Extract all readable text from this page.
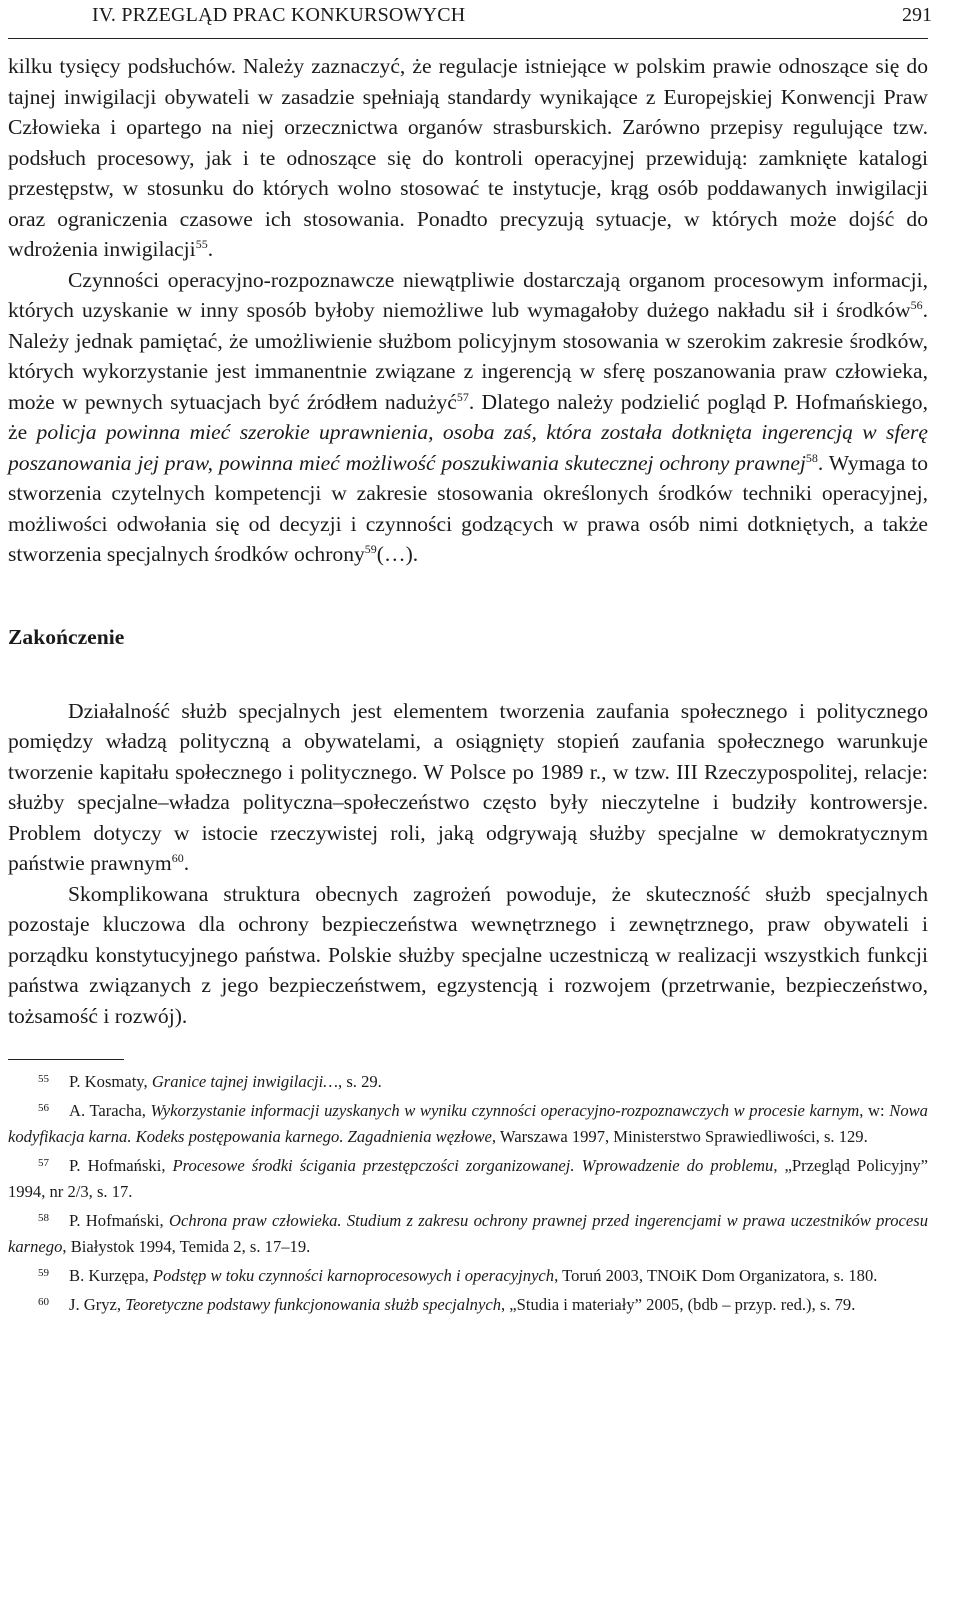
IV. PRZEGLĄD PRAC KONKURSOWYCH	291

kilku tysięcy podsłuchów. Należy zaznaczyć, że regulacje istniejące w polskim prawie odnoszące się do tajnej inwigilacji obywateli w zasadzie spełniają standardy wynikające z Europejskiej Konwencji Praw Człowieka i opartego na niej orzecznictwa organów strasburskich. Zarówno przepisy regulujące tzw. podsłuch procesowy, jak i te odnoszące się do kontroli operacyjnej przewidują: zamknięte katalogi przestępstw, w stosunku do których wolno stosować te instytucje, krąg osób poddawanych inwigilacji oraz ograniczenia czasowe ich stosowania. Ponadto precyzują sytuacje, w których może dojść do wdrożenia inwigilacji$^{55}$.

Czynności operacyjno-rozpoznawcze niewątpliwie dostarczają organom procesowym informacji, których uzyskanie w inny sposób byłoby niemożliwe lub wymagałoby dużego nakładu sił i środków$^{56}$. Należy jednak pamiętać, że umożliwienie służbom policyjnym stosowania w szerokim zakresie środków, których wykorzystanie jest immanentnie związane z ingerencją w sferę poszanowania praw człowieka, może w pewnych sytuacjach być źródłem nadużyć$^{57}$. Dlatego należy podzielić pogląd P. Hofmańskiego, że policja powinna mieć szerokie uprawnienia, osoba zaś, która została dotknięta ingerencją w sferę poszanowania jej praw, powinna mieć możliwość poszukiwania skutecznej ochrony prawnej$^{58}$. Wymaga to stworzenia czytelnych kompetencji w zakresie stosowania określonych środków techniki operacyjnej, możliwości odwołania się od decyzji i czynności godzących w prawa osób nimi dotkniętych, a także stworzenia specjalnych środków ochrony$^{59}$(…).

Zakończenie

Działalność służb specjalnych jest elementem tworzenia zaufania społecznego i politycznego pomiędzy władzą polityczną a obywatelami, a osiągnięty stopień zaufania społecznego warunkuje tworzenie kapitału społecznego i politycznego. W Polsce po 1989 r., w tzw. III Rzeczypospolitej, relacje: służby specjalne–władza polityczna–społeczeństwo często były nieczytelne i budziły kontrowersje. Problem dotyczy w istocie rzeczywistej roli, jaką odgrywają służby specjalne w demokratycznym państwie prawnym$^{60}$.

Skomplikowana struktura obecnych zagrożeń powoduje, że skuteczność służb specjalnych pozostaje kluczowa dla ochrony bezpieczeństwa wewnętrznego i zewnętrznego, praw obywateli i porządku konstytucyjnego państwa. Polskie służby specjalne uczestniczą w realizacji wszystkich funkcji państwa związanych z jego bezpieczeństwem, egzystencją i rozwojem (przetrwanie, bezpieczeństwo, tożsamość i rozwój).

$^{55}$ P. Kosmaty, Granice tajnej inwigilacji…, s. 29.

$^{56}$ A. Taracha, Wykorzystanie informacji uzyskanych w wyniku czynności operacyjno-rozpoznawczych w procesie karnym, w: Nowa kodyfikacja karna. Kodeks postępowania karnego. Zagadnienia węzłowe, Warszawa 1997, Ministerstwo Sprawiedliwości, s. 129.

$^{57}$ P. Hofmański, Procesowe środki ścigania przestępczości zorganizowanej. Wprowadzenie do problemu, „Przegląd Policyjny” 1994, nr 2/3, s. 17.

$^{58}$ P. Hofmański, Ochrona praw człowieka. Studium z zakresu ochrony prawnej przed ingerencjami w prawa uczestników procesu karnego, Białystok 1994, Temida 2, s. 17–19.

$^{59}$ B. Kurzępa, Podstęp w toku czynności karnoprocesowych i operacyjnych, Toruń 2003, TNOiK Dom Organizatora, s. 180.

$^{60}$ J. Gryz, Teoretyczne podstawy funkcjonowania służb specjalnych, „Studia i materiały” 2005, (bdb – przyp. red.), s. 79.
